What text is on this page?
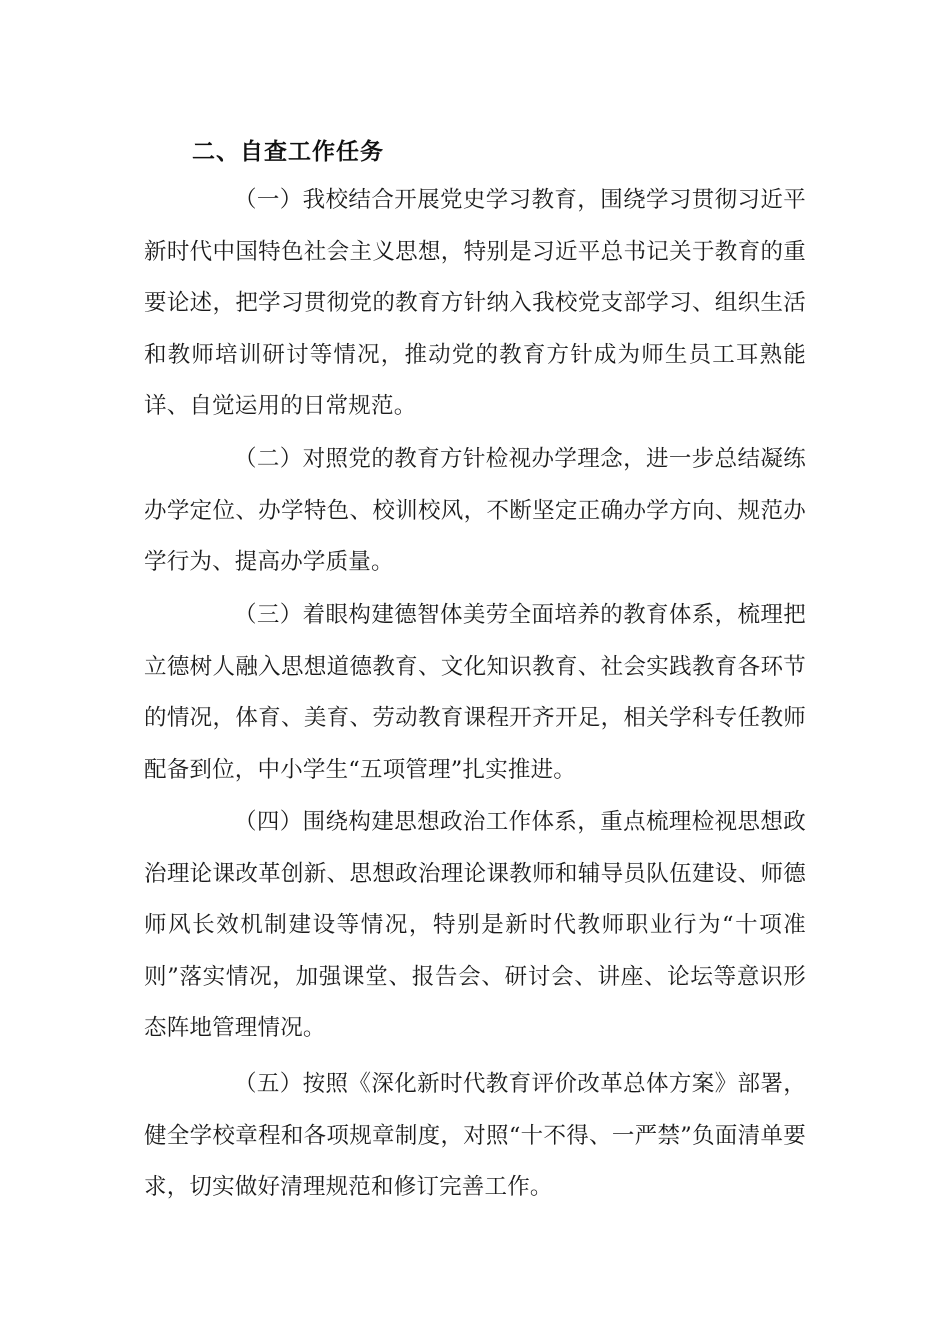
二、自查工作任务

（一）我校结合开展党史学习教育，围绕学习贯彻习近平新时代中国特色社会主义思想，特别是习近平总书记关于教育的重要论述，把学习贯彻党的教育方针纳入我校党支部学习、组织生活和教师培训研讨等情况，推动党的教育方针成为师生员工耳熟能详、自觉运用的日常规范。

（二）对照党的教育方针检视办学理念，进一步总结凝练办学定位、办学特色、校训校风，不断坚定正确办学方向、规范办学行为、提高办学质量。

（三）着眼构建德智体美劳全面培养的教育体系，梳理把立德树人融入思想道德教育、文化知识教育、社会实践教育各环节的情况，体育、美育、劳动教育课程开齐开足，相关学科专任教师配备到位，中小学生“五项管理”扎实推进。

（四）围绕构建思想政治工作体系，重点梳理检视思想政治理论课改革创新、思想政治理论课教师和辅导员队伍建设、师德师风长效机制建设等情况，特别是新时代教师职业行为“十项准则”落实情况，加强课堂、报告会、研讨会、讲座、论坛等意识形态阵地管理情况。

（五）按照《深化新时代教育评价改革总体方案》部署，健全学校章程和各项规章制度，对照“十不得、一严禁”负面清单要求，切实做好清理规范和修订完善工作。
